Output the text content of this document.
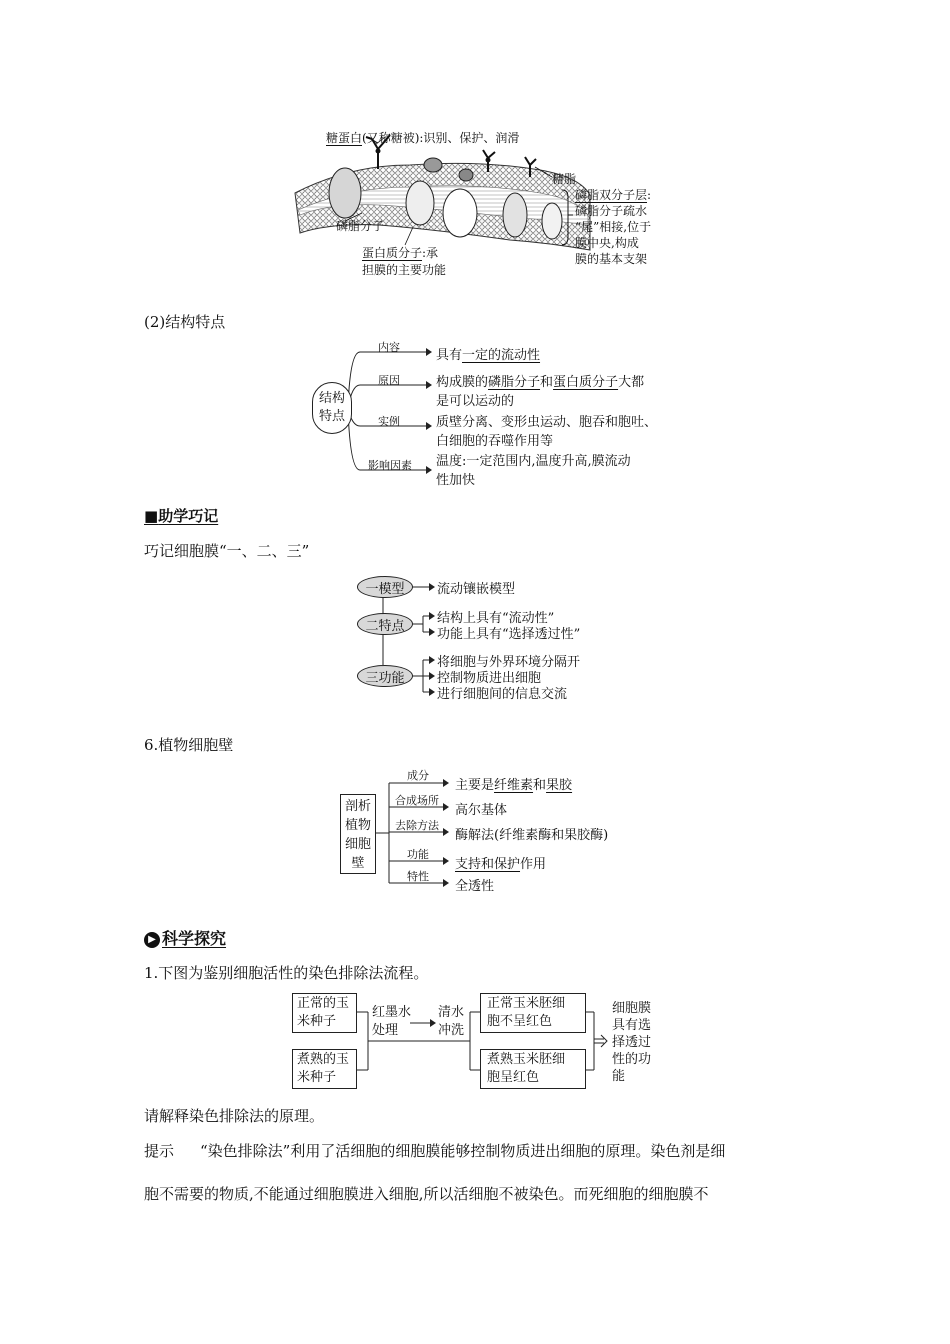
糖蛋白(又称糖被):识别、保护、润滑
糖脂
磷脂分子
磷脂双分子层:
磷脂分子疏水
“尾”相接,位于
膜中央,构成
膜的基本支架
蛋白质分子:承
担膜的主要功能
(2)结构特点
结构
特点
内容
原因
实例
影响因素
具有一定的流动性
构成膜的磷脂分子和蛋白质分子大都
是可以运动的
质壁分离、变形虫运动、胞吞和胞吐、
白细胞的吞噬作用等
温度:一定范围内,温度升高,膜流动
性加快
■助学巧记
巧记细胞膜“一、二、三”
一模型
二特点
三功能
流动镶嵌模型
结构上具有“流动性”
功能上具有“选择透过性”
将细胞与外界环境分隔开
控制物质进出细胞
进行细胞间的信息交流
6.植物细胞壁
剖析
植物
细胞
壁
成分
合成场所
去除方法
功能
特性
主要是纤维素和果胶
高尔基体
酶解法(纤维素酶和果胶酶)
支持和保护作用
全透性
▶ 科学探究
1.下图为鉴别细胞活性的染色排除法流程。
正常的玉
米种子
煮熟的玉
米种子
红墨水
处理
清水
冲洗
正常玉米胚细
胞不呈红色
煮熟玉米胚细
胞呈红色
细胞膜
具有选
择透过
性的功
能
请解释染色排除法的原理。
提示 “染色排除法”利用了活细胞的细胞膜能够控制物质进出细胞的原理。染色剂是细
胞不需要的物质,不能通过细胞膜进入细胞,所以活细胞不被染色。而死细胞的细胞膜不
